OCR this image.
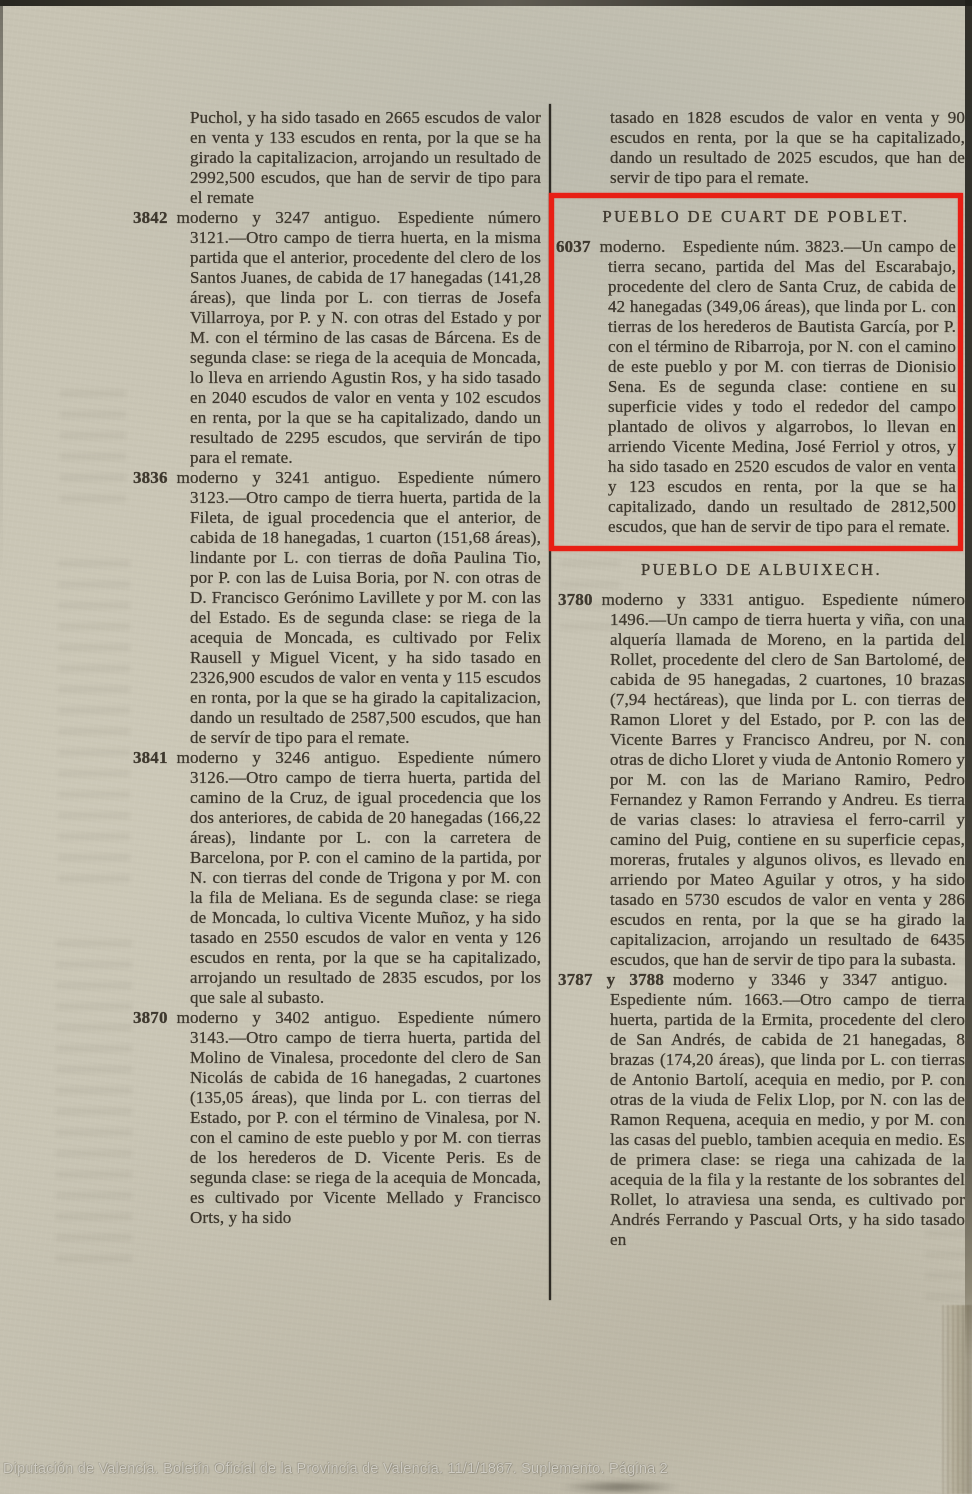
Puchol, y ha sido tasado en 2665 escudos de valor en venta y 133 escudos en renta, por la que se ha girado la capitalizacion, arrojando un resultado de 2992,500 escudos, que han de servir de tipo para el remate

3842 moderno y 3247 antiguo.  Espediente número 3121.—Otro campo de tierra huerta, en la misma partida que el anterior, procedente del clero de los Santos Juanes, de cabida de 17 hanegadas (141,28 áreas), que linda por L. con tierras de Josefa Villarroya, por P. y N. con otras del Estado y por M. con el término de las casas de Bárcena. Es de segunda clase: se riega de la acequia de Moncada, lo lleva en arriendo Agustin Ros, y ha sido tasado en 2040 escudos de valor en venta y 102 escudos en renta, por la que se ha capitalizado, dando un resultado de 2295 escudos, que servirán de tipo para el remate.

3836 moderno y 3241 antiguo.  Espediente número 3123.—Otro campo de tierra huerta, partida de la Fileta, de igual procedencia que el anterior, de cabida de 18 hanegadas, 1 cuarton (151,68 áreas), lindante por L. con tierras de doña Paulina Tio, por P. con las de Luisa Boria, por N. con otras de D. Francisco Gerónimo Lavillete y por M. con las del Estado. Es de segunda clase: se riega de la acequia de Moncada, es cultivado por Felix Rausell y Miguel Vicent, y ha sido tasado en 2326,900 escudos de valor en venta y 115 escudos en ronta, por la que se ha girado la capitalizacion, dando un resultado de 2587,500 escudos, que han de servír de tipo para el remate.

3841 moderno y 3246 antiguo.  Espediente número 3126.—Otro campo de tierra huerta, partida del camino de la Cruz, de igual procedencia que los dos anteriores, de cabida de 20 hanegadas (166,22 áreas), lindante por L. con la carretera de Barcelona, por P. con el camino de la partida, por N. con tierras del conde de Trigona y por M. con la fila de Meliana. Es de segunda clase: se riega de Moncada, lo cultiva Vicente Muñoz, y ha sido tasado en 2550 escudos de valor en venta y 126 escudos en renta, por la que se ha capitalizado, arrojando un resultado de 2835 escudos, por los que sale al subasto.

3870 moderno y 3402 antiguo.  Espediente número 3143.—Otro campo de tierra huerta, partida del Molino de Vinalesa, procedonte del clero de San Nicolás de cabida de 16 hanegadas, 2 cuartones (135,05 áreas), que linda por L. con tierras del Estado, por P. con el término de Vinalesa, por N. con el camino de este pueblo y por M. con tierras de los herederos de D. Vicente Peris. Es de segunda clase: se riega de la acequia de Moncada, es cultivado por Vicente Mellado y Francisco Orts, y ha sido

tasado en 1828 escudos de valor en venta y 90 escudos en renta, por la que se ha capitalizado, dando un resultado de 2025 escudos, que han de servir de tipo para el remate.

PUEBLO DE CUART DE POBLET.

6037 moderno.  Espediente núm. 3823.—Un campo de tierra secano, partida del Mas del Escarabajo, procedente del clero de Santa Cruz, de cabida de 42 hanegadas (349,06 áreas), que linda por L. con tierras de los herederos de Bautista García, por P. con el término de Ribarroja, por N. con el camino de este pueblo y por M. con tierras de Dionisio Sena. Es de segunda clase: contiene en su superficie vides y todo el rededor del campo plantado de olivos y algarrobos, lo llevan en arriendo Vicente Medina, José Ferriol y otros, y ha sido tasado en 2520 escudos de valor en venta y 123 escudos en renta, por la que se ha capitalizado, dando un resultado de 2812,500 escudos, que han de servir de tipo para el remate.

PUEBLO DE ALBUIXECH.

3780 moderno y 3331 antiguo.  Espediente número 1496.—Un campo de tierra huerta y viña, con una alquería llamada de Moreno, en la partida del Rollet, procedente del clero de San Bartolomé, de cabida de 95 hanegadas, 2 cuartones, 10 brazas (7,94 hectáreas), que linda por L. con tierras de Ramon Lloret y del Estado, por P. con las de Vicente Barres y Francisco Andreu, por N. con otras de dicho Lloret y viuda de Antonio Romero y por M. con las de Mariano Ramiro, Pedro Fernandez y Ramon Ferrando y Andreu. Es tierra de varias clases: lo atraviesa el ferro-carril y camino del Puig, contiene en su superficie cepas, moreras, frutales y algunos olivos, es llevado en arriendo por Mateo Aguilar y otros, y ha sido tasado en 5730 escudos de valor en venta y 286 escudos en renta, por la que se ha girado la capitalizacion, arrojando un resultado de 6435 escudos, que han de servir de tipo para la subasta.

3787 y 3788 moderno y 3346 y 3347 antiguo.  Espediente núm. 1663.—Otro campo de tierra huerta, partida de la Ermita, procedente del clero de San Andrés, de cabida de 21 hanegadas, 8 brazas (174,20 áreas), que linda por L. con tierras de Antonio Bartolí, acequia en medio, por P. con otras de la viuda de Felix Llop, por N. con las de Ramon Requena, acequia en medio, y por M. con las casas del pueblo, tambien acequia en medio. Es de primera clase: se riega una cahizada de la acequia de la fila y la restante de los sobrantes del Rollet, lo atraviesa una senda, es cultivado por Andrés Ferrando y Pascual Orts, y ha sido tasado en

Diputación de Valencia. Boletín Oficial de la Provincia de Valencia. 11/1/1867. Suplemento. Página 2
